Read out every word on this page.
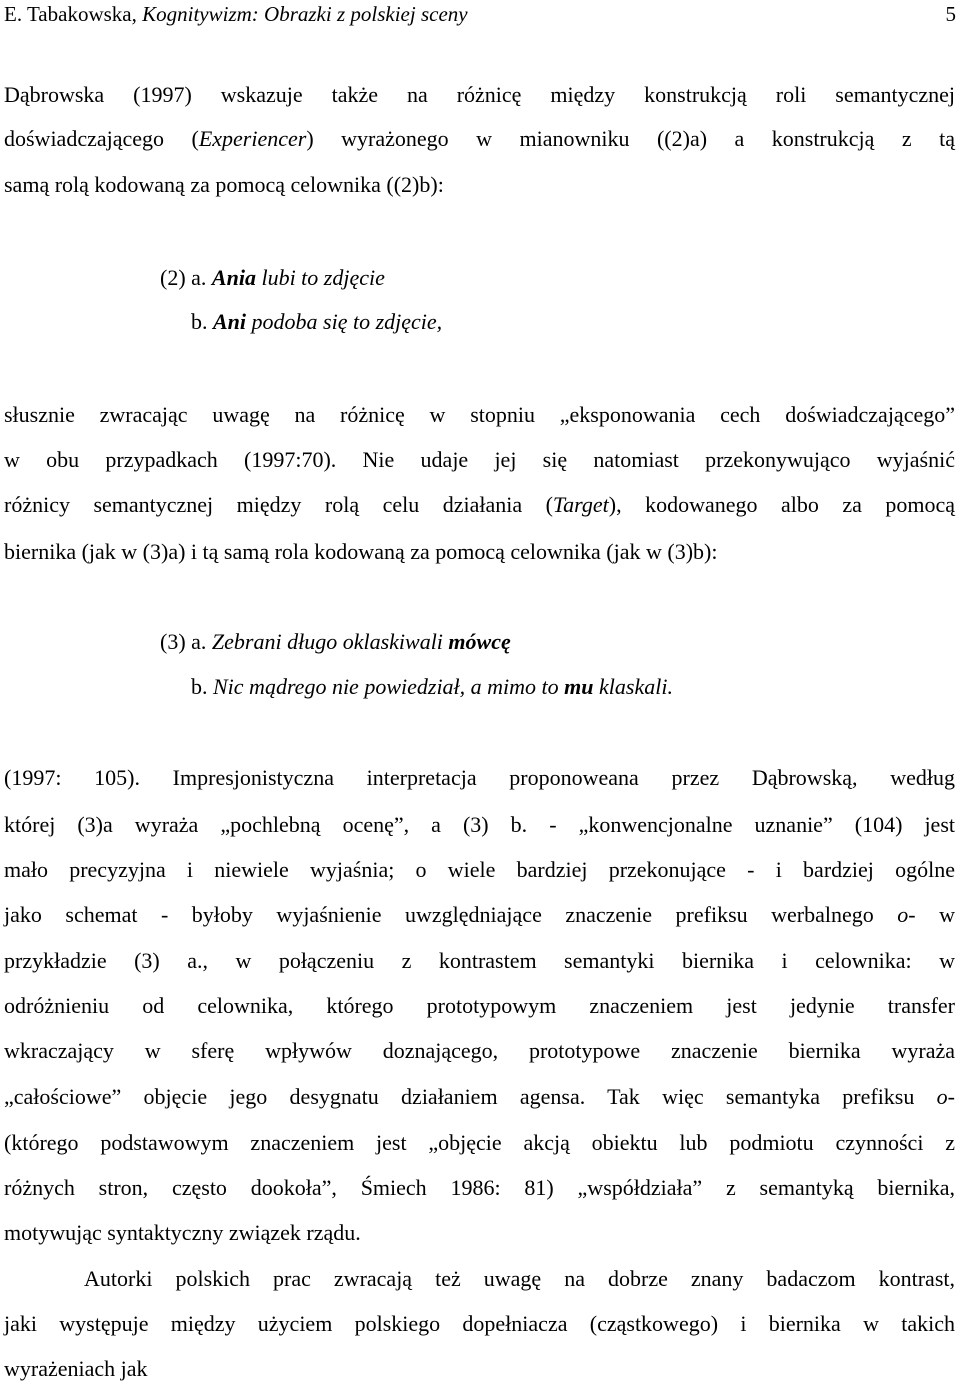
E. Tabakowska, Kognitywizm: Obrazki z polskiej sceny	5
Dąbrowska (1997) wskazuje także na różnicę między konstrukcją roli semantycznej
doświadczającego (Experiencer) wyrażonego w mianowniku ((2)a) a konstrukcją z tą
samą rolą kodowaną za pomocą celownika ((2)b):
(2) a. Ania lubi to zdjęcie
b. Ani podoba się to zdjęcie,
słusznie zwracając uwagę na różnicę w stopniu „eksponowania cech doświadczającego”
w obu przypadkach (1997:70). Nie udaje jej się natomiast przekonywująco wyjaśnić
różnicy semantycznej między rolą celu działania (Target), kodowanego albo za pomocą
biernika (jak w (3)a) i tą samą rola kodowaną za pomocą celownika (jak w (3)b):
(3) a. Zebrani długo oklaskiwali mówcę
b. Nic mądrego nie powiedział, a mimo to mu klaskali.
(1997: 105). Impresjonistyczna interpretacja proponoweana przez Dąbrowską, według
której (3)a wyraża „pochlebną ocenę”, a (3) b. - „konwencjonalne uznanie” (104) jest
mało precyzyjna i niewiele wyjaśnia; o wiele bardziej przekonujące - i bardziej ogólne
jako schemat - byłoby wyjaśnienie uwzględniające znaczenie prefiksu werbalnego o- w
przykładzie (3) a., w połączeniu z kontrastem semantyki biernika i celownika: w
odróżnieniu od celownika, którego prototypowym znaczeniem jest jedynie transfer
wkraczający w sferę wpływów doznającego, prototypowe znaczenie biernika wyraża
„całościowe” objęcie jego desygnatu działaniem agensa. Tak więc semantyka prefiksu o-
(którego podstawowym znaczeniem jest „objęcie akcją obiektu lub podmiotu czynności z
różnych stron, często dookoła”, Śmiech 1986: 81) „współdziała” z semantyką biernika,
motywując syntaktyczny związek rządu.
Autorki polskich prac zwracają też uwagę na dobrze znany badaczom kontrast,
jaki występuje między użyciem polskiego dopełniacza (cząstkowego) i biernika w takich
wyrażeniach jak
